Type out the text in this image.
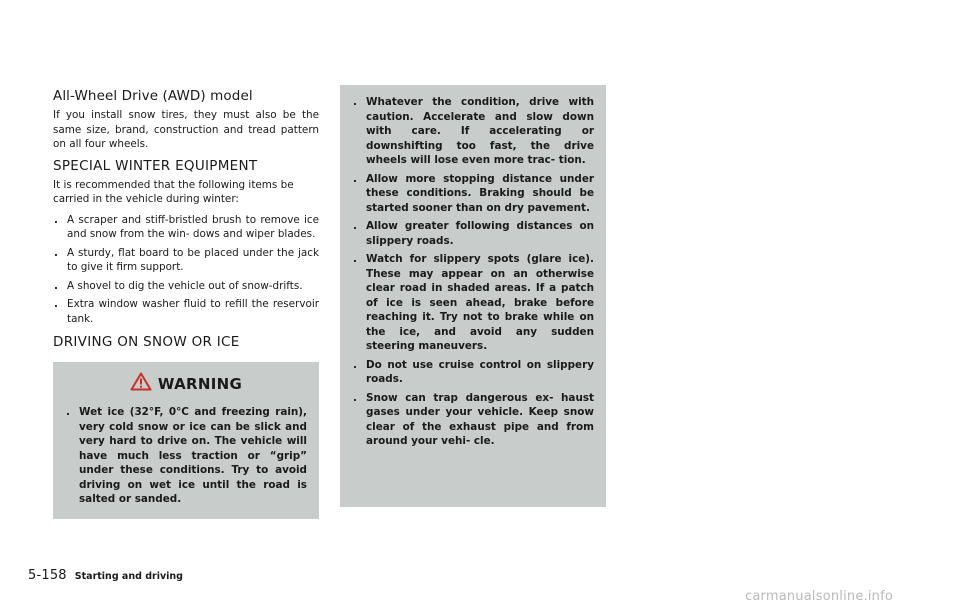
All-Wheel Drive (AWD) model

If you install snow tires, they must also be the same size, brand, construction and tread pattern on all four wheels.

SPECIAL WINTER EQUIPMENT

It is recommended that the following items be carried in the vehicle during winter:

. A scraper and stiff-bristled brush to remove ice and snow from the win- dows and wiper blades.
. A sturdy, flat board to be placed under the jack to give it firm support.
. A shovel to dig the vehicle out of snow-drifts.
. Extra window washer fluid to refill the reservoir tank.
DRIVING ON SNOW OR ICE
WARNING
. Wet ice (32°F, 0°C and freezing rain), very cold snow or ice can be slick and very hard to drive on. The vehicle will have much less traction or “grip” under these conditions. Try to avoid driving on wet ice until the road is salted or sanded.
. Whatever the condition, drive with caution. Accelerate and slow down with care. If accelerating or downshifting too fast, the drive wheels will lose even more trac- tion.
. Allow more stopping distance under these conditions. Braking should be started sooner than on dry pavement.
. Allow greater following distances on slippery roads.
. Watch for slippery spots (glare ice). These may appear on an otherwise clear road in shaded areas. If a patch of ice is seen ahead, brake before reaching it. Try not to brake while on the ice, and avoid any sudden steering maneuvers.
. Do not use cruise control on slippery roads.
. Snow can trap dangerous ex- haust gases under your vehicle. Keep snow clear of the exhaust pipe and from around your vehi- cle.
5-158 Starting and driving
carmanualsonline.info
